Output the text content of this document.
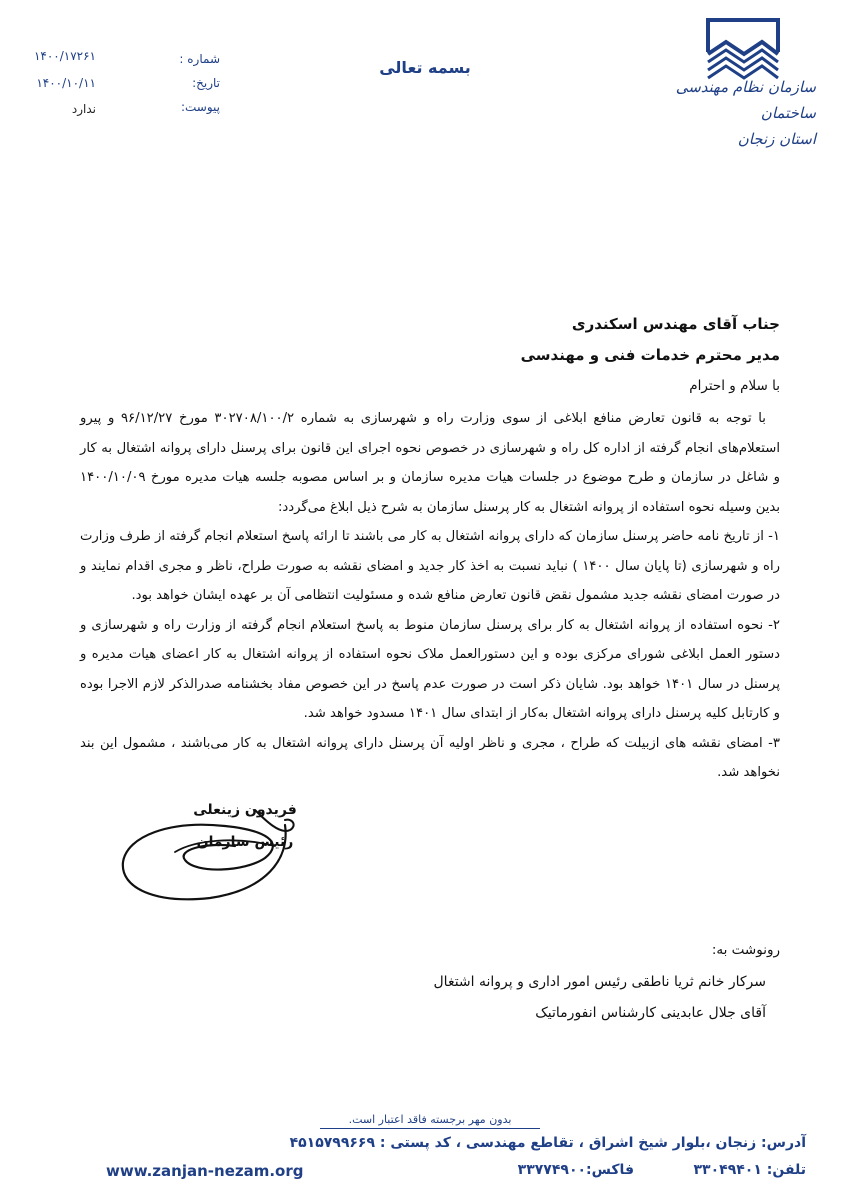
سازمان نظام مهندسی ساختمان
استان زنجان
بسمه تعالی
شماره :
۱۴۰۰/۱۷۲۶۱
تاریخ:
۱۴۰۰/۱۰/۱۱
پیوست:
ندارد
جناب آقای مهندس اسکندری
مدیر محترم خدمات فنی و مهندسی
با سلام و احترام

با توجه به قانون تعارض منافع ابلاغی از سوی وزارت راه و شهرسازی به شماره ۳۰۲۷۰۸/۱۰۰/۲ مورخ ۹۶/۱۲/۲۷ و پیرو استعلام‌های انجام گرفته از اداره کل راه و شهرسازی در خصوص نحوه اجرای این قانون برای پرسنل دارای پروانه اشتغال به کار و شاغل در سازمان و طرح موضوع در جلسات هیات مدیره سازمان و بر اساس مصوبه جلسه هیات مدیره مورخ ۱۴۰۰/۱۰/۰۹ بدین وسیله نحوه استفاده از پروانه اشتغال به کار پرسنل سازمان به شرح ذیل ابلاغ می‌گردد:

۱- از تاریخ نامه حاضر پرسنل سازمان که دارای پروانه اشتغال به کار می باشند تا ارائه پاسخ استعلام انجام گرفته از طرف وزارت راه و شهرسازی (تا پایان سال ۱۴۰۰ ) نباید نسبت به اخذ کار جدید و امضای نقشه به صورت طراح، ناظر و مجری اقدام نمایند و در صورت امضای نقشه جدید مشمول نقض قانون تعارض منافع شده و مسئولیت انتظامی آن بر عهده ایشان خواهد بود.

۲- نحوه استفاده از پروانه اشتغال به کار برای پرسنل سازمان منوط به پاسخ استعلام انجام گرفته از وزارت راه و شهرسازی و دستور العمل ابلاغی شورای مرکزی بوده و این دستورالعمل ملاک نحوه استفاده از پروانه اشتغال به کار اعضای هیات مدیره و پرسنل در سال ۱۴۰۱ خواهد بود. شایان ذکر است در صورت عدم پاسخ در این خصوص مفاد بخشنامه صدرالذکر لازم الاجرا بوده و کارتابل کلیه پرسنل دارای پروانه اشتغال به‌کار از ابتدای سال ۱۴۰۱ مسدود خواهد شد.

۳- امضای نقشه های ازبیلت که طراح ، مجری و ناظر اولیه آن پرسنل دارای پروانه اشتغال به کار می‌باشند ، مشمول این بند نخواهد شد.

فریدون زینعلی
رئیس سازمان
رونوشت به:
سرکار خانم ثریا ناطقی رئیس امور اداری و پروانه اشتغال
آقای جلال عابدینی کارشناس انفورماتیک
بدون مهر برجسته فاقد اعتبار است.
آدرس: زنجان ،بلوار شیخ اشراق ، تقاطع مهندسی ، کد پستی : ۴۵۱۵۷۹۹۶۶۹
تلفن: ۳۳۰۴۹۴۰۱
فاکس:۳۳۷۷۴۹۰۰
www.zanjan-nezam.org
